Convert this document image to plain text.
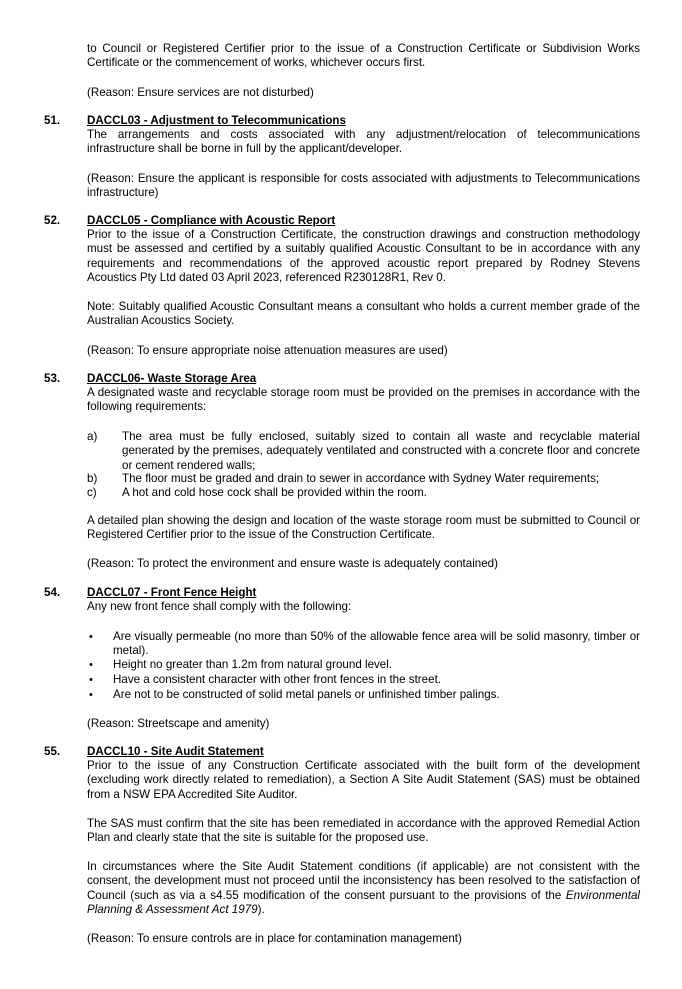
to Council or Registered Certifier prior to the issue of a Construction Certificate or Subdivision Works
Certificate or the commencement of works, whichever occurs first.
(Reason: Ensure services are not disturbed)
51. DACCL03 - Adjustment to Telecommunications
The arrangements and costs associated with any adjustment/relocation of telecommunications infrastructure shall be borne in full by the applicant/developer.
(Reason: Ensure the applicant is responsible for costs associated with adjustments to Telecommunications infrastructure)
52. DACCL05 - Compliance with Acoustic Report
Prior to the issue of a Construction Certificate, the construction drawings and construction methodology must be assessed and certified by a suitably qualified Acoustic Consultant to be in accordance with any requirements and recommendations of the approved acoustic report prepared by Rodney Stevens Acoustics Pty Ltd dated 03 April 2023, referenced R230128R1, Rev 0.
Note: Suitably qualified Acoustic Consultant means a consultant who holds a current member grade of the Australian Acoustics Society.
(Reason: To ensure appropriate noise attenuation measures are used)
53. DACCL06- Waste Storage Area
A designated waste and recyclable storage room must be provided on the premises in accordance with the following requirements:
a) The area must be fully enclosed, suitably sized to contain all waste and recyclable material generated by the premises, adequately ventilated and constructed with a concrete floor and concrete or cement rendered walls;
b) The floor must be graded and drain to sewer in accordance with Sydney Water requirements;
c) A hot and cold hose cock shall be provided within the room.
A detailed plan showing the design and location of the waste storage room must be submitted to Council or Registered Certifier prior to the issue of the Construction Certificate.
(Reason: To protect the environment and ensure waste is adequately contained)
54. DACCL07 - Front Fence Height
Any new front fence shall comply with the following:
• Are visually permeable (no more than 50% of the allowable fence area will be solid masonry, timber or metal).
• Height no greater than 1.2m from natural ground level.
• Have a consistent character with other front fences in the street.
• Are not to be constructed of solid metal panels or unfinished timber palings.
(Reason: Streetscape and amenity)
55. DACCL10 - Site Audit Statement
Prior to the issue of any Construction Certificate associated with the built form of the development (excluding work directly related to remediation), a Section A Site Audit Statement (SAS) must be obtained from a NSW EPA Accredited Site Auditor.
The SAS must confirm that the site has been remediated in accordance with the approved Remedial Action Plan and clearly state that the site is suitable for the proposed use.
In circumstances where the Site Audit Statement conditions (if applicable) are not consistent with the consent, the development must not proceed until the inconsistency has been resolved to the satisfaction of Council (such as via a s4.55 modification of the consent pursuant to the provisions of the Environmental Planning & Assessment Act 1979).
(Reason: To ensure controls are in place for contamination management)
